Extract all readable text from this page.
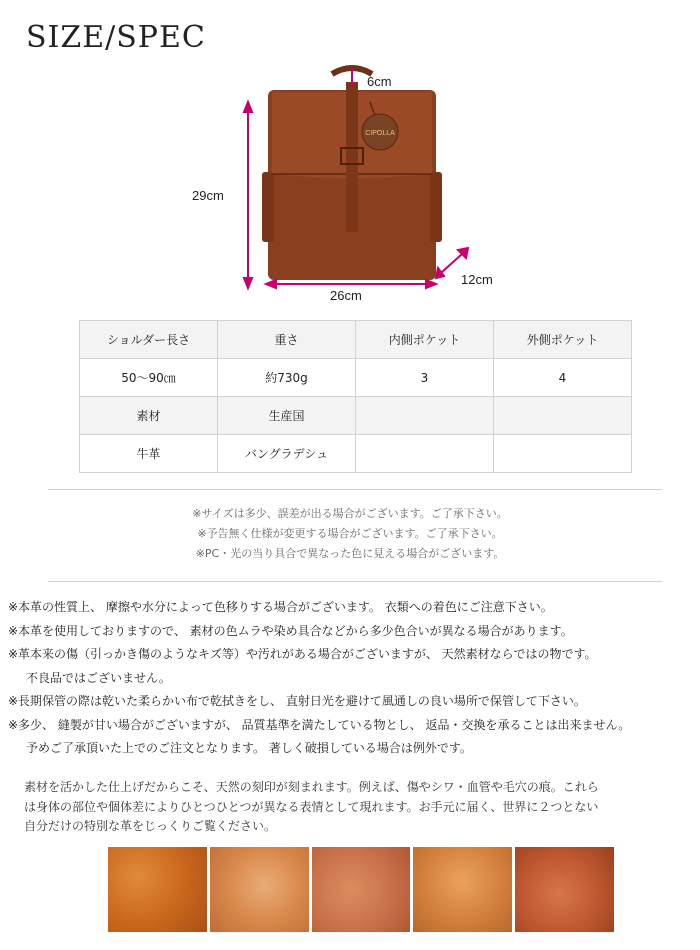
SIZE/SPEC
CIPOLLA
6cm
29cm
26cm
12cm
ショルダー長さ	重さ	内側ポケット	外側ポケット
50～90㎝	約730g	3	4
素材	生産国		
牛革	バングラデシュ		
※サイズは多少、誤差が出る場合がございます。ご了承下さい。
※予告無く仕様が変更する場合がございます。ご了承下さい。
※PC・光の当り具合で異なった色に見える場合がございます。
※本革の性質上、 摩擦や水分によって色移りする場合がございます。 衣類への着色にご注意下さい。
※本革を使用しておりますので、 素材の色ムラや染め具合などから多少色合いが異なる場合があります。
※革本来の傷（引っかき傷のようなキズ等）や汚れがある場合がございますが、 天然素材ならではの物です。
不良品ではございません。
※長期保管の際は乾いた柔らかい布で乾拭きをし、 直射日光を避けて風通しの良い場所で保管して下さい。
※多少、 縫製が甘い場合がございますが、 品質基準を満たしている物とし、 返品・交換を承ることは出来ません。
予めご了承頂いた上でのご注文となります。 著しく破損している場合は例外です。
素材を活かした仕上げだからこそ、天然の刻印が刻まれます。例えば、傷やシワ・血管や毛穴の痕。これら
は身体の部位や個体差によりひとつひとつが異なる表情として現れます。お手元に届く、世界に２つとない
自分だけの特別な革をじっくりご覧ください。
